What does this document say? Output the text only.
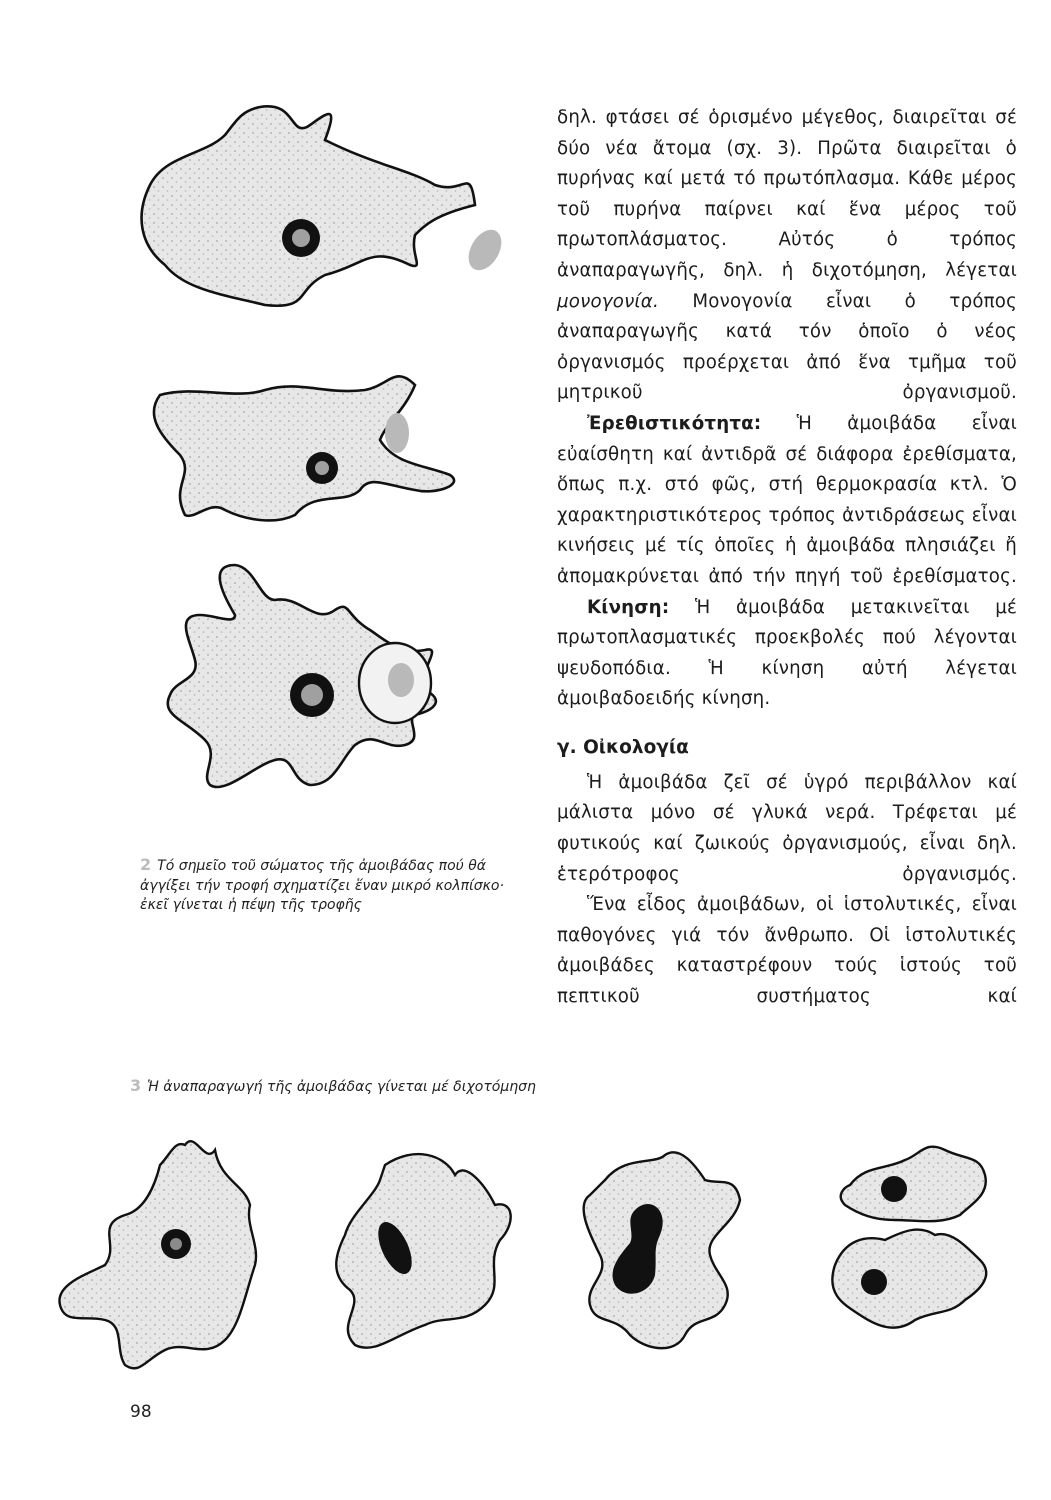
2 Τό σημεῖο τοῦ σώματος τῆς ἀμοιβάδας πού θά ἀγγίξει τήν τροφή σχηματίζει ἕναν μικρό κολπίσκο· ἐκεῖ γίνεται ἡ πέψη τῆς τροφῆς

δηλ. φτάσει σέ ὁρισμένο μέγεθος, διαιρεῖται σέ δύο νέα ἄτομα (σχ. 3). Πρῶτα διαιρεῖται ὁ πυρήνας καί μετά τό πρωτόπλασμα. Κάθε μέρος τοῦ πυρήνα παίρνει καί ἕνα μέρος τοῦ πρωτοπλάσματος. Αὐτός ὁ τρόπος ἀναπαραγωγῆς, δηλ. ἡ διχοτόμηση, λέγεται μονογονία. Μονογονία εἶναι ὁ τρόπος ἀναπαραγωγῆς κατά τόν ὁποῖο ὁ νέος ὀργανισμός προέρχεται ἀπό ἕνα τμῆμα τοῦ μητρικοῦ ὀργανισμοῦ.

Ἐρεθιστικότητα: Ἡ ἀμοιβάδα εἶναι εὐαίσθητη καί ἀντιδρᾶ σέ διάφορα ἐρεθίσματα, ὅπως π.χ. στό φῶς, στή θερμοκρασία κτλ. Ὁ χαρακτηριστικότερος τρόπος ἀντιδράσεως εἶναι κινήσεις μέ τίς ὁποῖες ἡ ἀμοιβάδα πλησιάζει ἤ ἀπομακρύνεται ἀπό τήν πηγή τοῦ ἐρεθίσματος.

Κίνηση: Ἡ ἀμοιβάδα μετακινεῖται μέ πρωτοπλασματικές προεκβολές πού λέγονται ψευδοπόδια. Ἡ κίνηση αὐτή λέγεται ἀμοιβαδοειδής κίνηση.

γ. Οἰκολογία

Ἡ ἀμοιβάδα ζεῖ σέ ὑγρό περιβάλλον καί μάλιστα μόνο σέ γλυκά νερά. Τρέφεται μέ φυτικούς καί ζωικούς ὀργανισμούς, εἶναι δηλ. ἑτερότροφος ὀργανισμός.

Ἕνα εἶδος ἀμοιβάδων, οἱ ἱστολυτικές, εἶναι παθογόνες γιά τόν ἄνθρωπο. Οἱ ἱστολυτικές ἀμοιβάδες καταστρέφουν τούς ἱστούς τοῦ πεπτικοῦ συστήματος καί

3 Ἡ ἀναπαραγωγή τῆς ἀμοιβάδας γίνεται μέ διχοτόμηση
98
